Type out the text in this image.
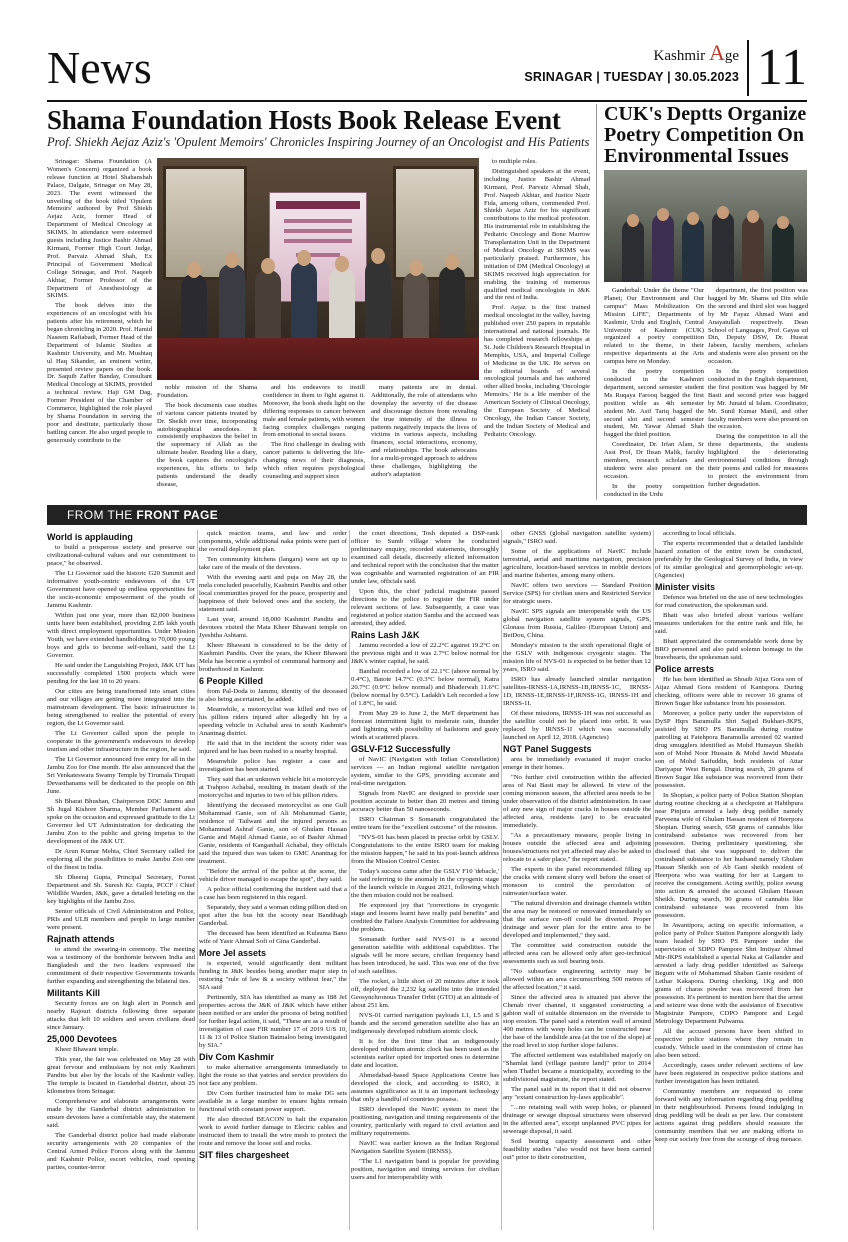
News	Kashmir Age
SRINAGAR | TUESDAY | 30.05.2023 11
Shama Foundation Hosts Book Release Event
Prof. Shiekh Aejaz Aziz's 'Opulent Memoirs' Chronicles Inspiring Journey of an Oncologist and His Patients

Srinagar: Shama Foundation (A Women's Concern) organized a book release function at Hotel Shahanshah Palace, Dalgate, Srinagar on May 28, 2023. The event witnessed the unveiling of the book titled 'Opulent Memoirs' authored by Prof Shiekh Aejaz Aziz, former Head of Department of Medical Oncology at SKIMS. In attendance were esteemed guests including Justice Bashir Ahmad Kirmani, Former High Court Judge, Prof. Parvaiz Ahmad Shah, Ex Principal of Government Medical College Srinagar, and Prof. Naqeeb Akhtar, Former Professor of the Department of Anesthesiology at SKIMS.

The book delves into the experiences of an oncologist with his patients after his retirement, which he began chronicling in 2020. Prof. Hamid Naseem Rafiabadi, Former Head of the Department of Islamic Studies at Kashmir University, and Mr. Mushtaq ul Haq Sikander, an eminent writer, presented review papers on the book. Dr. Saquib Zaffer Banday, Consultant Medical Oncology at SKIMS, provided a technical review. Haji GM Dag, Former President of the Chamber of Commerce, highlighted the role played by Shama Foundation in serving the poor and destitute, particularly those battling cancer. He also urged people to generously contribute to the

noble mission of the Shama Foundation.

The book documents case studies of various cancer patients treated by Dr. Sheikh over time, incorporating autobiographical anecdotes. It consistently emphasizes the belief in the supremacy of Allah as the ultimate healer. Reading like a diary, the book captures the oncologist's experiences, his efforts to help patients understand the deadly disease,

and his endeavors to instill confidence in them to fight against it. Moreover, the book sheds light on the differing responses to cancer between male and female patients, with women facing complex challenges ranging from emotional to social issues.

The first challenge in dealing with cancer patients is delivering the life-changing news of their diagnosis, which often requires psychological counseling and support since

many patients are in denial. Additionally, the role of attendants who downplay the severity of the disease and discourage doctors from revealing the true intensity of the illness to patients negatively impacts the lives of victims in various aspects, including finances, social interactions, economy, and relationships. The book advocates for a multi-pronged approach to address these challenges, highlighting the author's adaptation

to multiple roles.

Distinguished speakers at the event, including Justice Bashir Ahmad Kirmani, Prof. Parvaiz Ahmad Shah, Prof. Naqeeb Akhtar, and Justice Nazir Fida, among others, commended Prof. Shiekh Aejaz Aziz for his significant contributions to the medical profession. His instrumental role in establishing the Pediatric Oncology and Bone Marrow Transplantation Unit in the Department of Medical Oncology at SKIMS was particularly praised. Furthermore, his initiation of DM (Medical Oncology) at SKIMS received high appreciation for enabling the training of numerous qualified medical oncologists in J&K and the rest of India.

Prof. Aejaz is the first trained medical oncologist in the valley, having published over 250 papers in reputable international and national journals. He has completed research fellowships at St. Jude Children's Research Hospital in Memphis, USA, and Imperial College of Medicine in the UK. He serves on the editorial boards of several oncological journals and has authored other allied books, including 'Oncologie Memoirs.' He is a life member of the American Society of Clinical Oncology, the European Society of Medical Oncology, the Indian Cancer Society, and the Indian Society of Medical and Pediatric Oncology.

CUK's Deptts Organize Poetry Competition On Environmental Issues

Ganderbal: Under the theme "Our Planet; Our Environment and Our campus" Mass Mobilization On Mission LiFE", Departments of Kashmir, Urdu and English, Central University of Kashmir (CUK) organized a poetry competition related to the theme, in their respective departments at the Arts campus here on Monday.

In the poetry competition conducted in the Kashmiri department, second semester student Ms Ruqaya Farooq bagged the first position while as 4th semester student Mr. Asif Tariq bagged the second slot and second semester student, Mr. Yawar Ahmad Shah bagged the third position.

Coordinator, Dr. Irfan Alam, Sr Asst Prof, Dr Ihsan Malik, faculty members, research scholars and students were also present on the occasion.

In the poetry competition conducted in the Urdu

department, the first position was bagged by Mr. Shams ud Din while the second and third slot was bagged by Mr Fayaz Ahmad Wani and Anayatullah respectively. Dean School of Languages, Prof. Gayas ud Din, Deputy DSW, Dr. Husrat Jabeen, faculty members, scholars and students were also present on the occasion.

In the poetry competition conducted in the English department, the first position was bagged by Mr Basit and second prize was bagged by Mr. Junaid ul Islam. Coordinator, Mr. Sunil Kumar Manil, and other faculty members were also present on the occasion.

During the competition in all the three departments, the students highlighted the deteriorating environmental conditions through their poems and called for measures to protect the environment from further degradation.

FROM THE FRONT PAGE
World is applauding

to build a prosperous society and preserve our civilizational-cultural values and our commitment to peace," he observed.

The Lt Governor said the historic G20 Summit and informative youth-centric endeavours of the UT Government have opened up endless opportunities for the socio-economic empowerment of the youth of Jammu Kashmir.

Within just one year, more than 82,000 business units have been established, providing 2.85 lakh youth with direct employment opportunities. Under Mission Youth, we have extended handholding to 70,000 young boys and girls to become self-reliant, said the Lt Governor.

He said under the Languishing Project, J&K UT has successfully completed 1500 projects which were pending for the last 10 to 20 years.

Our cities are being transformed into smart cities and our villages are getting more integrated into the mainstream development. The basic infrastructure is being strengthened to realize the potential of every region, the Lt Governor said.

The Lt Governor called upon the people to cooperate in the government's endeavours to develop tourism and other infrastructure in the region, he said.

The Lt Governor announced free entry for all in the Jambu Zoo for One month. He also announced that the Sri Venkateswara Swamy Temple by Tirumala Tirupati Devasthanams will be dedicated to the people on 8th June.

Sh Bharat Bhushan, Chairperson DDC Jammu and Sh Jugal Kishore Sharma, Member Parliament also spoke on the occasion and expressed gratitude to the Lt Governor led UT Administration for dedicating the Jambu Zoo to the public and giving impetus to the development of the J&K UT.

Dr Arun Kumar Mehta, Chief Secretary called for exploring all the possibilities to make Jambu Zoo one of the finest in India.

Sh Dheeraj Gupta, Principal Secretary, Forest Department and Sh. Suresh Kr. Gupta, PCCF / Chief Wildlife Warden, J&K, gave a detailed briefing on the key highlights of the Jambu Zoo.

Senior officials of Civil Administration and Police, PRIs and ULB members and people in large number were present.

Rajnath attends

to attend the swearing-in ceremony. The meeting was a testimony of the bonhomie between India and Bangladesh and the two leaders expressed the commitment of their respective Governments towards further expanding and strengthening the bilateral ties.

Militants Kill

Security forces are on high alert in Poonch and nearby Rajouri districts following three separate attacks that left 10 soldiers and seven civilians dead since January.

25,000 Devotees

Kheer Bhawani temple.

This year, the fair was celebrated on May 28 with great fervour and enthusiasm by not only Kashmiri Pandits but also by the locals of the Kashmir valley. The temple is located in Ganderbal district, about 25 kilometres from Srinagar.

Comprehensive and elaborate arrangements were made by the Ganderbal district administration to ensure devotees have a comfortable stay, the statement said.

The Ganderbal district police had made elaborate security arrangements with 20 companies of the Central Armed Police Forces along with the Jammu and Kashmir Police, escort vehicles, road opening parties, counter-terror

quick reaction teams, and law and order components, while additional naka points were part of the overall deployment plan.

Ten community kitchens (langars) were set up to take care of the meals of the devotees.

With the evening aarti and puja on May 28, the mela concluded peacefully, Kashmiri Pandits and other local communities prayed for the peace, prosperity and happiness of their beloved ones and the society, the statement said.

Last year, around 18,000 Kashmiri Pandits and devotees visited the Mata Kheer Bhawani temple on Jyeshtha Ashtami.

Kheer Bhawani is considered to be the deity of Kashmiri Pandits. Over the years, the Kheer Bhawani Mela has become a symbol of communal harmony and brotherhood in Kashmir.

6 People Killed

from Pal-Doda to Jammu, identity of the deceased is also being ascertained, he added.

Meanwhile, a motorcyclist was killed and two of his pillion riders injured after allegedly hit by a speeding vehicle in Achabal area in south Kashmir's Anantnag district.

He said that in the incident the scooty rider was injured and he has been rushed to a nearby hospital.

Meanwhile police has register a case and investigation has been started.

They said that an unknown vehicle hit a motorcycle at Trahpoo Achabal, resulting in instant death of the motorcyclist and injuries to two of his pillion riders.

Identifying the deceased motorcyclist as one Gull Mohammad Ganie, son of Ali Mohammad Ganie, residence of Tailwani and the injured persons as Mohammad Ashraf Ganie, son of Ghulam Hassan Ganie and Majid Ahmad Ganie, so of Bashir Ahmad Ganie, residents of Kanganhall Achabal, they officials said the injured duo was taken to GMC Anantnag for treatment.

"Before the arrival of the police at the scene, the vehicle driver managed to escape the spot", they said.

A police official confirming the incident said that a a case has been registered in this regard.

Separately, they said a woman riding pillion died on spot after the bus hit the scooty near Bandibagh Ganderbal.

The deceased has been identified as Kulsuma Bano wife of Yasir Ahmad Sofi of Gina Ganderbal.

More JeI assets

is expected, would significantly dent militant funding in J&K besides being another major step in restoring "rule of law & a society without fear," the SIA said

Pertinently, SIA has identified as many as 188 JeI properties across the J&K of J&K which have either been notified or are under the process of being notified for further legal action, it said, "These are as a result of investigation of case FIR number 17 of 2019 U/S 10, 11 & 13 of Police Station Batmaloo being investigated by SIA."

Div Com Kashmir

to make alternative arrangements immediately to light the route so that yatries and service providers do not face any problem.

Div Com further instructed him to make DG sets available in a large number to ensure lights remain functional with constant power support.

He also directed BEACON to halt the expansion work to avoid further damage to Electric cables and instructed them to install the wire mesh to protect the route and remove the loose soil and rocks.

SIT files chargesheet

the court directions, Tosh deputed a DSP-rank officer to Sumb village where he conducted preliminary enquiry, recorded statements, thoroughly examined call details, discreetly elicited information and technical report with the conclusion that the matter was cognisable and warranted registration of an FIR under law, officials said.

Upon this, the chief judicial magistrate passed directions to the police to register the FIR under relevant sections of law. Subsequently, a case was registered at police station Samba and the accused was arrested, they added.

Rains Lash J&K

Jammu recorded a low of 22.2°C against 19.2°C on the previous night and it was 2.7°C below normal for J&K's winter capital, he said.

Banihal recorded a low of 22.1°C (above normal by 0.4°C), Batote 14.7°C (0.3°C below normal), Katra 20.7°C (0.9°C below normal) and Bhaderwah 11.6°C (below normal by 0.5°C). Ladakh's Leh recorded a low of 1.8°C, he said.

From May 29 to June 2, the MeT department has forecast intermittent light to moderate rain, thunder and lightning with possibility of hailstorm and gusty winds at scattered places.

GSLV-F12 Successfully

of NavIC (Navigation with Indian Constellation) services — an Indian regional satellite navigation system, similar to the GPS, providing accurate and real-time navigation.

Signals from NavIC are designed to provide user position accurate to better than 20 metres and timing accuracy better than 50 nanoseconds.

ISRO Chairman S Somanath congratulated the entire team for the "excellent outcome" of the mission.

"NVS-01 has been placed in precise orbit by GSLV. Congratulations to the entire ISRO team for making the mission happen," he said in his post-launch address from the Mission Control Center.

Today's success came after the GSLV F10 'debacle,' he said referring to the anomaly in the cryogenic stage of the launch vehicle in August 2021, following which the then mission could not be realised.

He expressed joy that "corrections in cryogenic stage and lessons learnt have really paid benefits" and credited the Failure Analysis Committee for addressing the problem.

Somanath further said NVS-01 is a second generation satellite with additional capabilities. The signals will be more secure, civilian frequency band has been introduced, he said. This was one of the five of such satellites.

The rocket, a little short of 20 minutes after it took off, deployed the 2,232 kg satellite into the intended Geosynchronous Transfer Orbit (GTO) at an altitude of about 251 km.

NVS-01 carried navigation payloads L1, L5 and S bands and the second generation satellite also has an indigenously developed rubidium atomic clock.

It is for the first time that an indigenously developed rubidium atomic clock has been used as the scientists earlier opted for imported ones to determine date and location.

Ahmedabad-based Space Applications Centre has developed the clock, and according to ISRO, it assumes significance as it is an important technology that only a handful of countries possess.

ISRO developed the NavIC system to meet the positioning, navigation and timing requirements of the country, particularly with regard to civil aviation and military requirements.

NavIC was earlier known as the Indian Regional Navigation Satellite System (IRNSS).

"The L1 navigation band is popular for providing position, navigation and timing services for civilian users and for interoperability with

other GNSS (global navigation satellite system) signals," ISRO said.

Some of the applications of NavIC include terrestrial, aerial and maritime navigation, precision agriculture, location-based services in mobile devices and marine fisheries, among many others.

NavIC offers two services — Standard Position Service (SPS) for civilian users and Restricted Service for strategic users.

NavIC SPS signals are interoperable with the US global navigation satellite system signals, GPS, Glonass from Russia, Galileo (European Union) and BeiDou, China.

Monday's mission is the sixth operational flight of the GSLV with indigenous cryogenic stages. The mission life of NVS-01 is expected to be better than 12 years, ISRO said.

ISRO has already launched similar navigation satellites-IRNSS-1A,IRNSS-1B,IRNSS-1C, IRNSS-1D, IRNSS-1E,IRNSS-1F,IRNSS-1G, IRNSS-1H and IRNSS-1I.

Of these missions, IRNSS-1H was not successful as the satellite could not be placed into orbit. It was replaced by IRNSS-1I which was successfully launched on April 12, 2018. (Agencies)

NGT Panel Suggests

area be immediately evacuated if major cracks emerge in their homes.

"No further civil construction within the affected area of Nai Basti may be allowed. In view of the coming monsoon season, the affected area needs to be under observation of the district administration. In case of any new sign of major cracks in houses outside the affected area, residents (are) to be evacuated immediately.

"As a precautionary measure, people living in houses outside the affected area and adjoining houses/structures not yet affected may also be asked to relocate to a safer place," the report stated.

The experts in the panel recommended filling up the cracks with cement slurry well before the onset of monsoon to control the percolation of rainwater/surface water.

"The natural diversion and drainage channels within the area may be restored or renovated immediately so that the surface run-off could be diverted. Proper drainage and sewer plan for the entire area to be developed and implemented," they said.

The committee said construction outside the affected area can be allowed only after geo-technical assessments such as soil bearing tests.

"No subsurface engineering activity may be allowed within an area circumscribing 500 metres of the affected location," it said.

Since the affected area is situated just above the Chenab river channel, it suggested constructing a gabion wall of suitable dimension on the riverside to stop erosion. The panel said a retention wall of around 400 metres with weep holes can be constructed near the base of the landslide area (at the toe of the slope) at the road level to stop further slope failures.

The affected settlement was established majorly on "Shamlat land (village pasture land)" prior to 2014 when Thathri became a municipality, according to the subdivisional magistrate, the report stated.

The panel said in its report that it did not observe any "extant construction by-laws applicable".

"...no retaining wall with weep holes, or planned drainage or sewage disposal structures were observed in the affected area", except unplanned PVC pipes for sewerage disposal, it said.

Soil bearing capacity assessment and other feasibility studies "also would not have been carried out" prior to their construction,

according to local officials.

The experts recommended that a detailed landslide hazard zonation of the entire town be conducted, preferably by the Geological Survey of India, in view of its similar geological and geomorphologic set-up. (Agencies)

Minister visits

Defence was briefed on the use of new technologies for road construction, the spokesman said.

Bhatt was also briefed about various welfare measures undertaken for the entire rank and file, he said.

Bhatt appreciated the commendable work done by BRO personnel and also paid solemn homage to the bravehearts, the spokesman said.

Police arrests

He has been identified as Shoaib Aijaz Gora son of Aijaz Ahmad Gora resident of Kanispora. During checking, officers were able to recover 16 grams of Brown Sugar like substance from his possession.

Moreover, a police party under the supervision of DySP Hqrs Baramulla Shri Sajjad Bukhari-JKPS, assisted by SHO PS Baramulla during routine patrolling at Fatehpora Baramulla arrested 02 wanted drug smugglers identified as Mohd Humayun Sheikh son of Mohd Noor Hussain & Mohd Jawid Mustafa son of Mohd Saifuddin, both residents of Attar Dariyapur West Bengal. During search, 20 grams of Brown Sugar like substance was recovered from their possession.

In Shopian, a police party of Police Station Shopian during routine checking at a checkpoint at Habibpura near Pinjura arrested a lady drug peddler namely Parveena wife of Ghulam Hassan resident of Heerpora Shopian. During search, 658 grams of cannabis like contraband substance was recovered from her possession. During preliminary questioning, she disclosed that she was supposed to deliver the contraband substance to her husband namely Ghulam Hassan Sheikh son of Ab Gani sheikh resident of Heerpora who was waiting for her at Largam to receive the consignment. Acting swiftly, police swung into action & arrested the accused Ghulam Hassan Sheikh. During search, 90 grams of cannabis like contraband substance was recovered from his possession.

In Awantipora, acting on specific information, a police party of Police Station Pampore alongwith lady team headed by SHO PS Pampore under the supervision of SDPO Pampore Shri Imtiyaz Ahmad Mir-JKPS established a special Naka at Gallander and arrested a lady drug peddler identified as Safeeqa Begum wife of Mohammad Shaban Ganie resident of Lethar Kakapora. During checking, 1Kg and 800 grams of charas powder was recovered from her possession. It's pertinent to mention here that the arrest and seizure was done with the assistance of Executive Magistrate Pampore, CDPO Pampore and Legal Metrology Department Pulwama.

All the accused persons have been shifted to respective police stations where they remain in custody. Vehicle used in the commission of crime has also been seized.

Accordingly, cases under relevant sections of law have been registered in respective police stations and further investigation has been initiated.

Community members are requested to come forward with any information regarding drug peddling in their neighbourhood. Persons found indulging in drug peddling will be dealt as per law. Our consistent actions against drug peddlers should reassure the community members that we are making efforts to keep our society free from the scourge of drug menace.
